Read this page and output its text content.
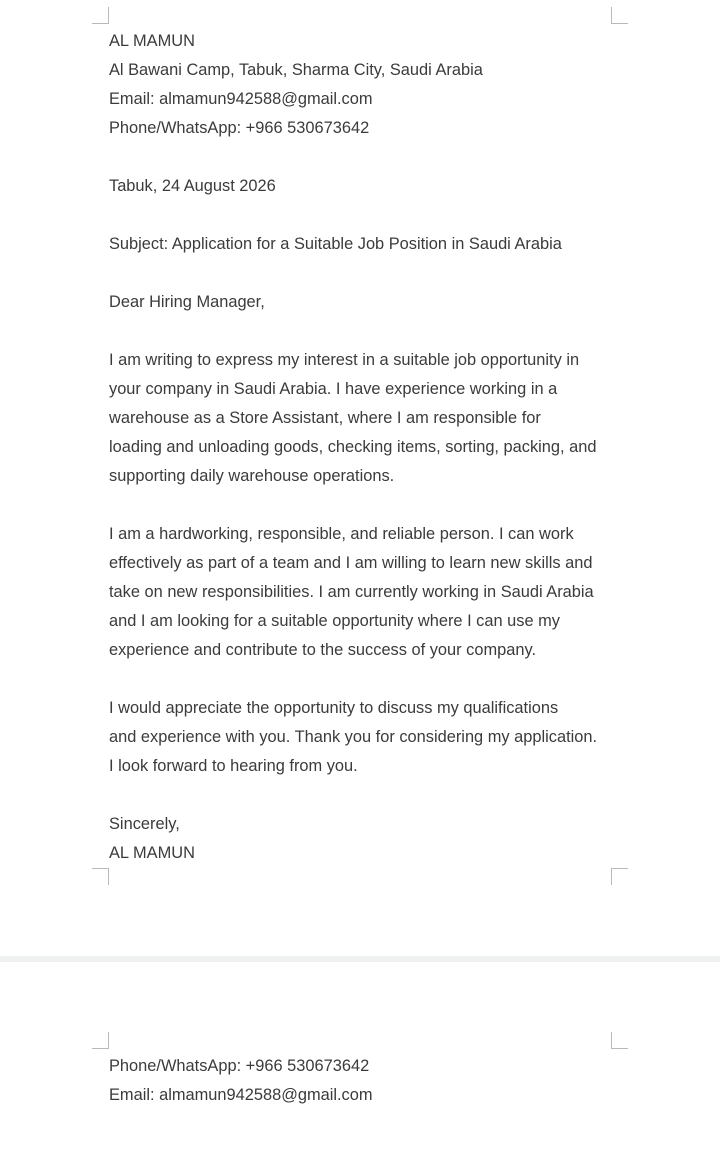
AL MAMUN
Al Bawani Camp, Tabuk, Sharma City, Saudi Arabia
Email: almamun942588@gmail.com
Phone/WhatsApp: +966 530673642
Tabuk, 24 August 2026
Subject: Application for a Suitable Job Position in Saudi Arabia
Dear Hiring Manager,
I am writing to express my interest in a suitable job opportunity in
your company in Saudi Arabia. I have experience working in a
warehouse as a Store Assistant, where I am responsible for
loading and unloading goods, checking items, sorting, packing, and
supporting daily warehouse operations.
I am a hardworking, responsible, and reliable person. I can work
effectively as part of a team and I am willing to learn new skills and
take on new responsibilities. I am currently working in Saudi Arabia
and I am looking for a suitable opportunity where I can use my
experience and contribute to the success of your company.
I would appreciate the opportunity to discuss my qualifications
and experience with you. Thank you for considering my application.
I look forward to hearing from you.
Sincerely,
AL MAMUN
Phone/WhatsApp: +966 530673642
Email: almamun942588@gmail.com
